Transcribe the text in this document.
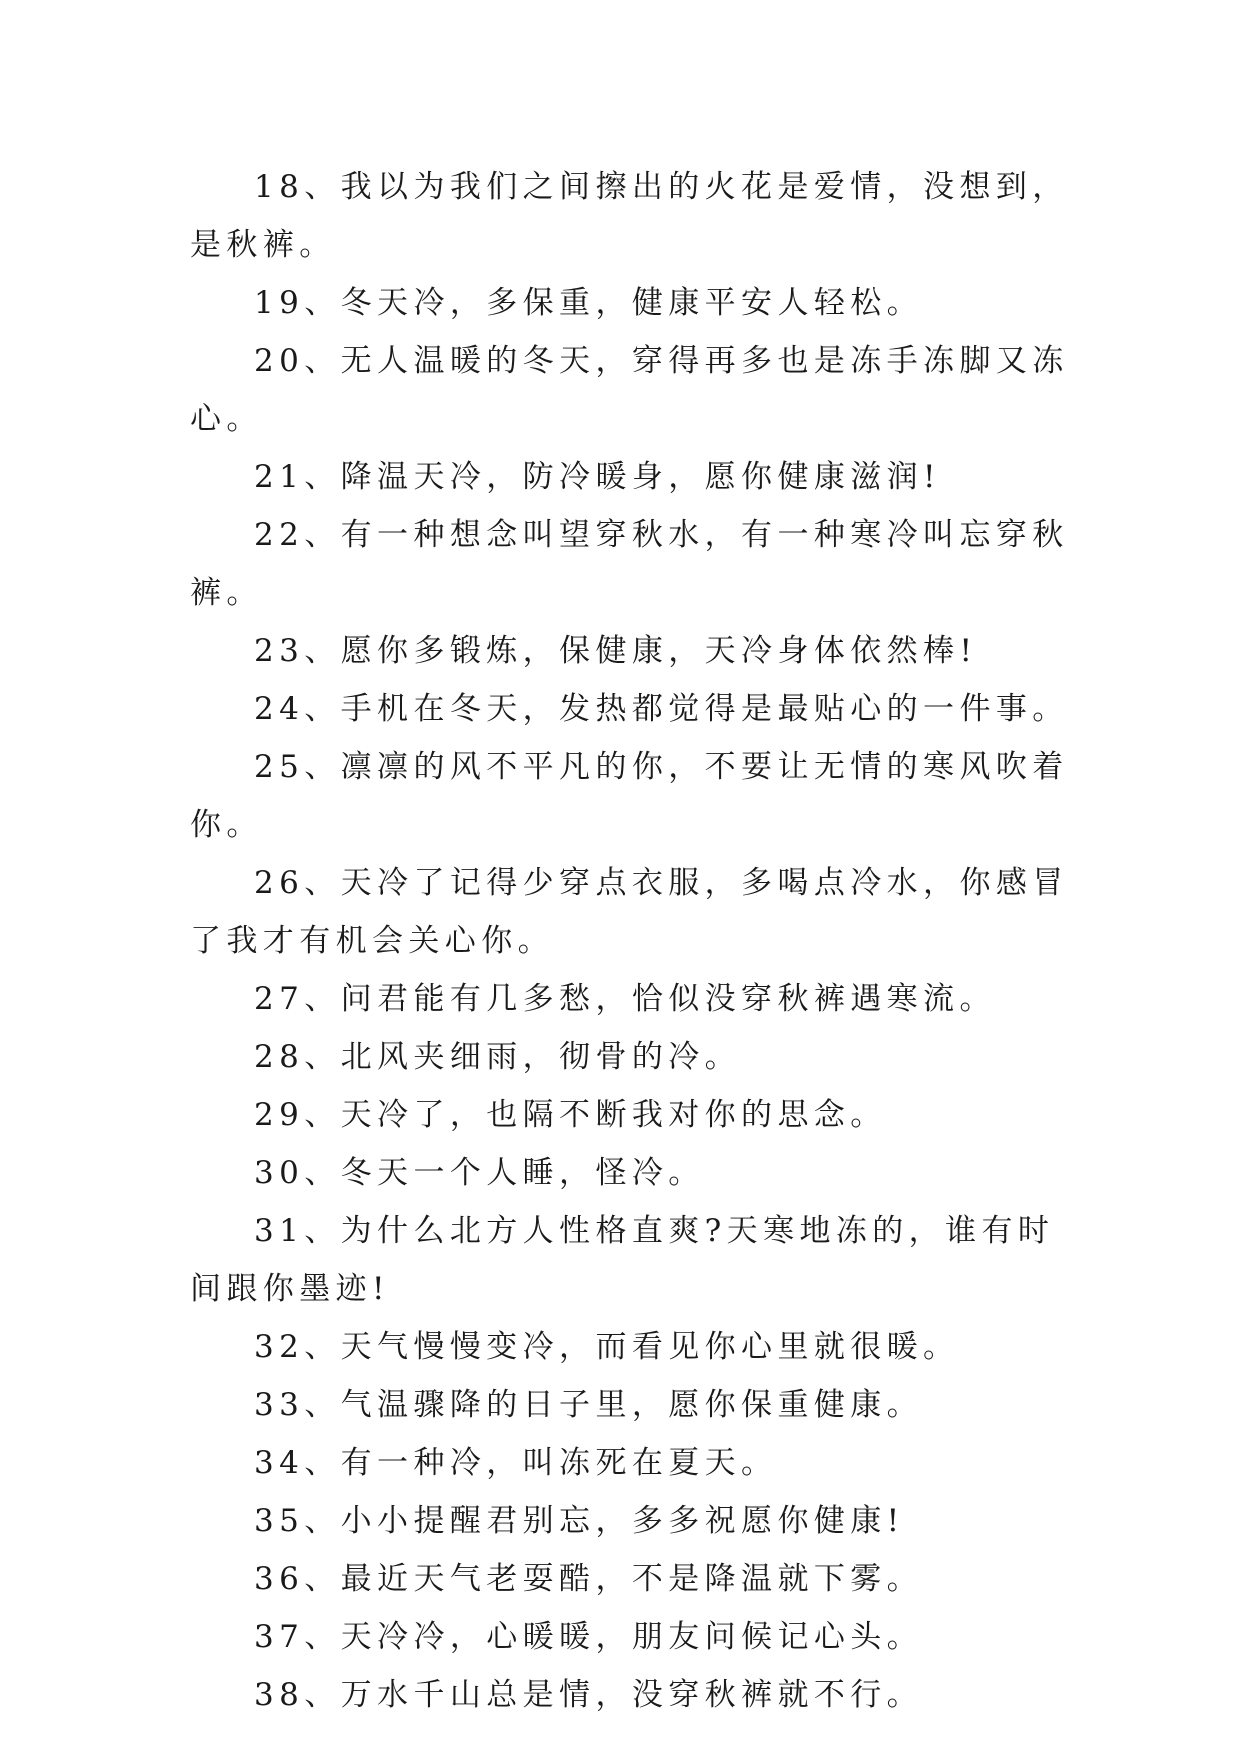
18、我以为我们之间擦出的火花是爱情，没想到，是秋裤。

19、冬天冷，多保重，健康平安人轻松。

20、无人温暖的冬天，穿得再多也是冻手冻脚又冻心。

21、降温天冷，防冷暖身，愿你健康滋润!

22、有一种想念叫望穿秋水，有一种寒冷叫忘穿秋裤。

23、愿你多锻炼，保健康，天冷身体依然棒!

24、手机在冬天，发热都觉得是最贴心的一件事。

25、凛凛的风不平凡的你，不要让无情的寒风吹着你。

26、天冷了记得少穿点衣服，多喝点冷水，你感冒了我才有机会关心你。

27、问君能有几多愁，恰似没穿秋裤遇寒流。

28、北风夹细雨，彻骨的冷。

29、天冷了，也隔不断我对你的思念。

30、冬天一个人睡，怪冷。

31、为什么北方人性格直爽?天寒地冻的，谁有时间跟你墨迹!

32、天气慢慢变冷，而看见你心里就很暖。

33、气温骤降的日子里，愿你保重健康。

34、有一种冷，叫冻死在夏天。

35、小小提醒君别忘，多多祝愿你健康!

36、最近天气老耍酷，不是降温就下雾。

37、天冷冷，心暖暖，朋友问候记心头。

38、万水千山总是情，没穿秋裤就不行。
